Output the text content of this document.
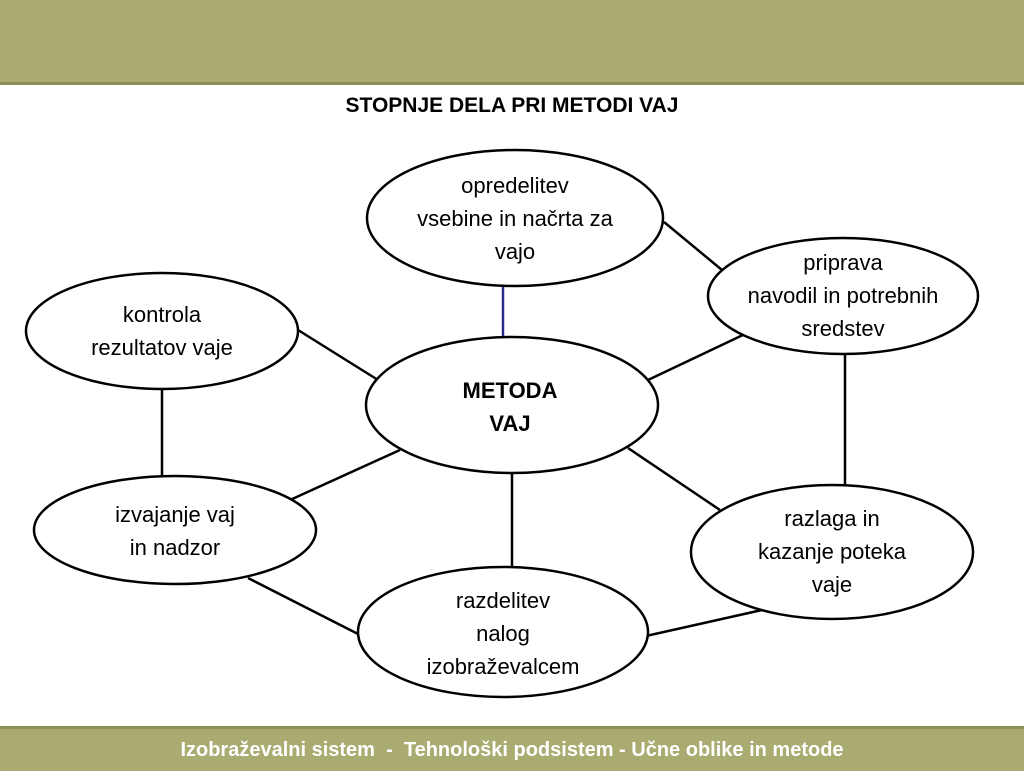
STOPNJE DELA PRI METODI VAJ
opredelitev
vsebine in načrta za
vajo	priprava
navodil in potrebnih
sredstev
kontrola
rezultatov vaje
METODA
VAJ
izvajanje vaj
in nadzor
razlaga in
kazanje poteka
vaje
razdelitev
nalog
izobraževalcem
Izobraževalni sistem  -  Tehnološki podsistem - Učne oblike in metode
